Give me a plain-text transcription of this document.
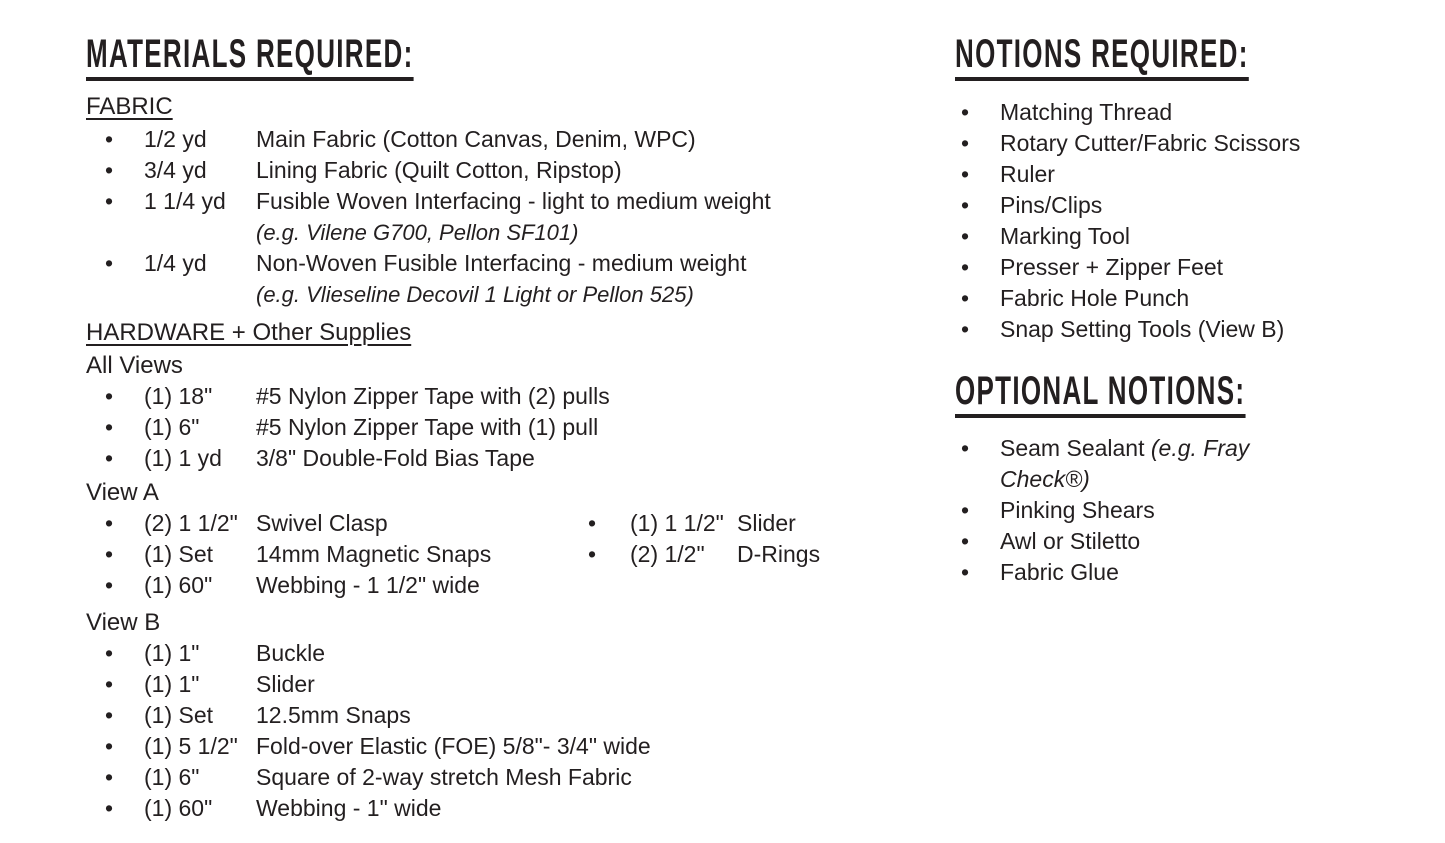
MATERIALS REQUIRED:
FABRIC
•	1/2 yd	Main Fabric (Cotton Canvas, Denim, WPC)
•	3/4 yd	Lining Fabric (Quilt Cotton, Ripstop)
•	1 1/4 yd	Fusible Woven Interfacing - light to medium weight
(e.g. Vilene G700, Pellon SF101)
•	1/4 yd	Non-Woven Fusible Interfacing - medium weight
(e.g. Vlieseline Decovil 1 Light or Pellon 525)
HARDWARE + Other Supplies
All Views
•	(1) 18"	#5 Nylon Zipper Tape with (2) pulls
•	(1) 6"	#5 Nylon Zipper Tape with (1) pull
•	(1) 1 yd	3/8" Double-Fold Bias Tape
View A
•	(2) 1 1/2" Swivel Clasp	•	(1) 1 1/2" Slider
•	(1) Set	14mm Magnetic Snaps	•	(2) 1/2"	D-Rings
•	(1) 60"	Webbing - 1 1/2" wide
View B
•	(1) 1"	Buckle
•	(1) 1"	Slider
•	(1) Set	12.5mm Snaps
•	(1) 5 1/2" Fold-over Elastic (FOE) 5/8"- 3/4" wide
•	(1) 6"	Square of 2-way stretch Mesh Fabric
•	(1) 60"	Webbing - 1" wide
NOTIONS REQUIRED:
•	Matching Thread
•	Rotary Cutter/Fabric Scissors
•	Ruler
•	Pins/Clips
•	Marking Tool
•	Presser + Zipper Feet
•	Fabric Hole Punch
•	Snap Setting Tools (View B)
OPTIONAL NOTIONS:
•	Seam Sealant (e.g. Fray
Check®)
•	Pinking Shears
•	Awl or Stiletto
•	Fabric Glue
